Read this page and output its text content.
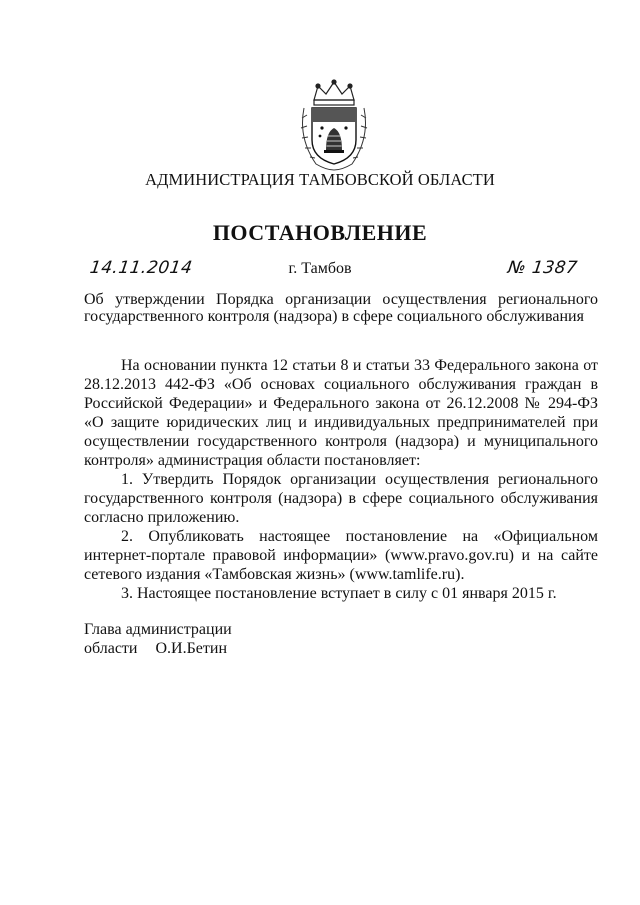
АДМИНИСТРАЦИЯ ТАМБОВСКОЙ ОБЛАСТИ
ПОСТАНОВЛЕНИЕ
14.11.2014	г. Тамбов	№ 1387
Об утверждении Порядка организации осуществления регионального государственного контроля (надзора) в сфере социального обслуживания

На основании пункта 12 статьи 8 и статьи 33 Федерального закона от 28.12.2013 442-ФЗ «Об основах социального обслуживания граждан в Российской Федерации» и Федерального закона от 26.12.2008 № 294-ФЗ «О защите юридических лиц и индивидуальных предпринимателей при осуществлении государственного контроля (надзора) и муниципального контроля» администрация области постановляет:

1. Утвердить Порядок организации осуществления регионального государственного контроля (надзора) в сфере социального обслуживания согласно приложению.

2. Опубликовать настоящее постановление на «Официальном интернет-портале правовой информации» (www.pravo.gov.ru) и на сайте сетевого издания «Тамбовская жизнь» (www.tamlife.ru).

3. Настоящее постановление вступает в силу с 01 января 2015 г.

Глава администрации
области О.И.Бетин
